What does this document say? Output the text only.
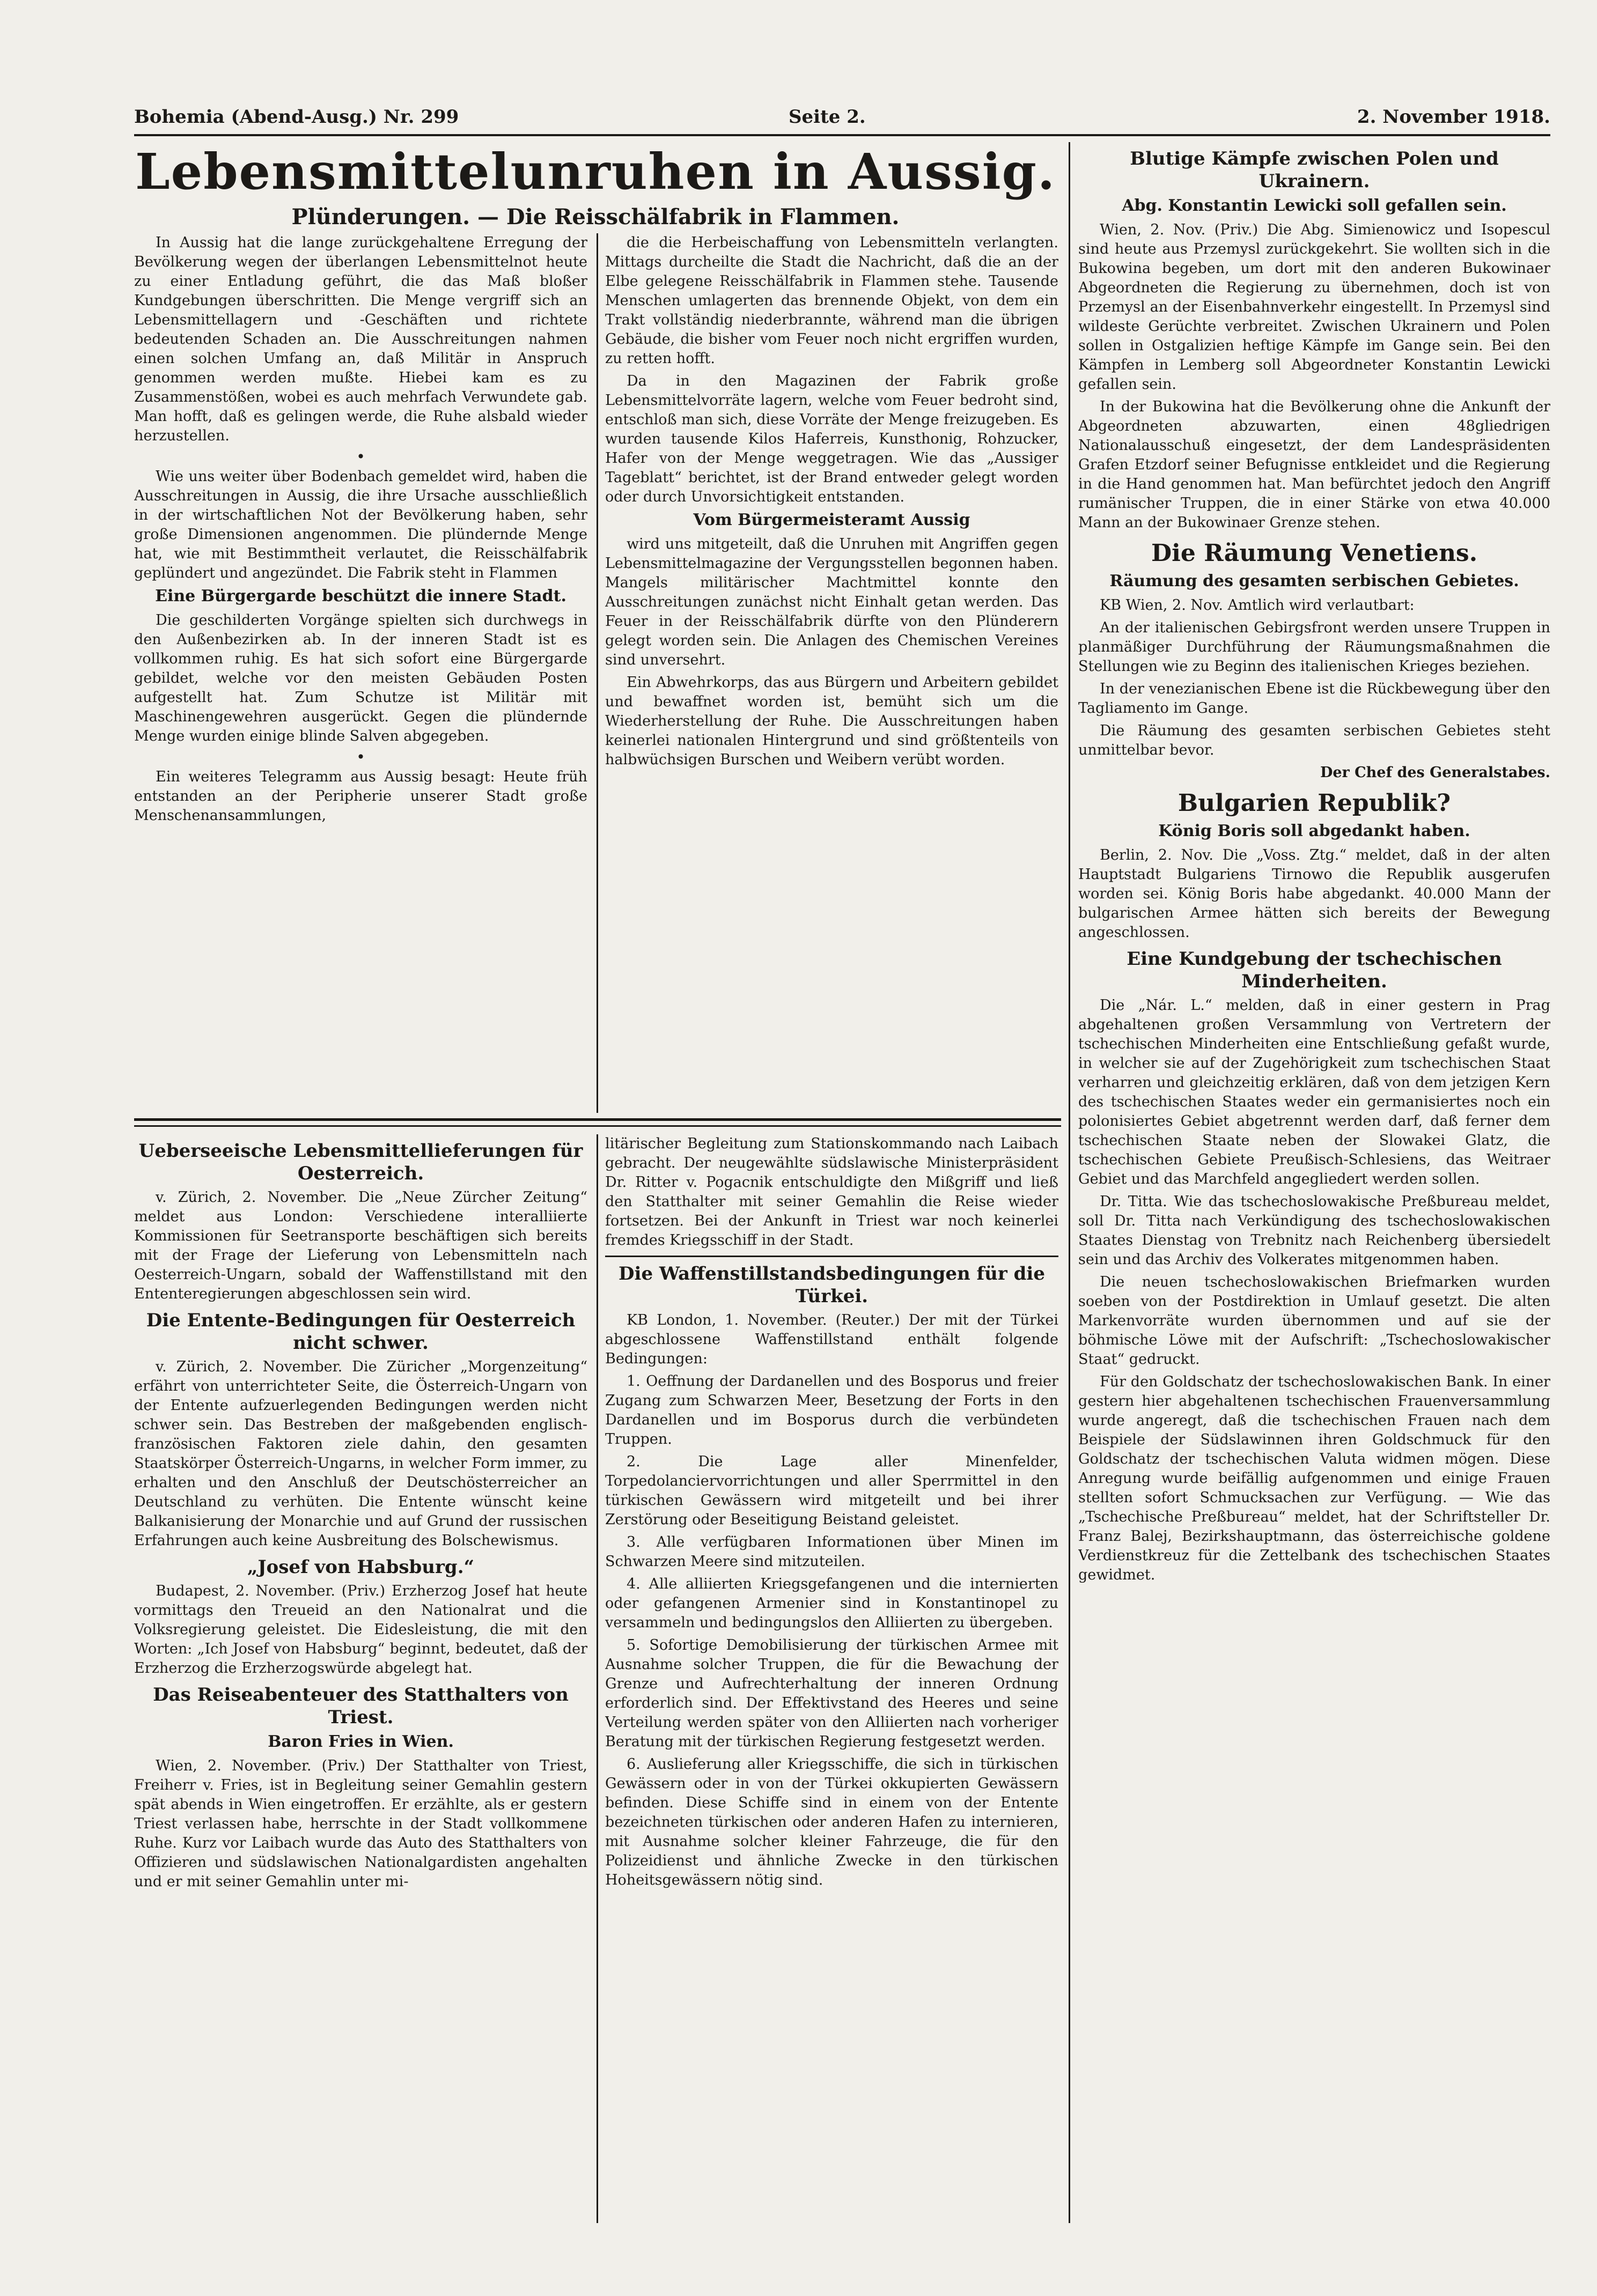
Bohemia (Abend-Ausg.) Nr. 299	Seite 2.	2. November 1918.
Lebensmittelunruhen in Aussig.
Plünderungen. — Die Reisschälfabrik in Flammen.

In Aussig hat die lange zurückgehaltene Erregung der Bevölkerung wegen der überlangen Lebensmittelnot heute zu einer Entladung geführt, die das Maß bloßer Kundgebungen überschritten. Die Menge vergriff sich an Lebensmittellagern und -Geschäften und richtete bedeutenden Schaden an. Die Ausschreitungen nahmen einen solchen Umfang an, daß Militär in Anspruch genommen werden mußte. Hiebei kam es zu Zusammenstößen, wobei es auch mehrfach Verwundete gab. Man hofft, daß es gelingen werde, die Ruhe alsbald wieder herzustellen.

•

Wie uns weiter über Bodenbach gemeldet wird, haben die Ausschreitungen in Aussig, die ihre Ursache ausschließlich in der wirtschaftlichen Not der Bevölkerung haben, sehr große Dimensionen angenommen. Die plündernde Menge hat, wie mit Bestimmtheit verlautet, die Reisschälfabrik geplündert und angezündet. Die Fabrik steht in Flammen

Eine Bürgergarde beschützt die innere Stadt.

Die geschilderten Vorgänge spielten sich durchwegs in den Außenbezirken ab. In der inneren Stadt ist es vollkommen ruhig. Es hat sich sofort eine Bürgergarde gebildet, welche vor den meisten Gebäuden Posten aufgestellt hat. Zum Schutze ist Militär mit Maschinengewehren ausgerückt. Gegen die plündernde Menge wurden einige blinde Salven abgegeben.

•

Ein weiteres Telegramm aus Aussig besagt: Heute früh entstanden an der Peripherie unserer Stadt große Menschenansammlungen,

die die Herbeischaffung von Lebensmitteln verlangten. Mittags durcheilte die Stadt die Nachricht, daß die an der Elbe gelegene Reisschälfabrik in Flammen stehe. Tausende Menschen umlagerten das brennende Objekt, von dem ein Trakt vollständig niederbrannte, während man die übrigen Gebäude, die bisher vom Feuer noch nicht ergriffen wurden, zu retten hofft.

Da in den Magazinen der Fabrik große Lebensmittelvorräte lagern, welche vom Feuer bedroht sind, entschloß man sich, diese Vorräte der Menge freizugeben. Es wurden tausende Kilos Haferreis, Kunsthonig, Rohzucker, Hafer von der Menge weggetragen. Wie das „Aussiger Tageblatt“ berichtet, ist der Brand entweder gelegt worden oder durch Unvorsichtigkeit entstanden.

Vom Bürgermeisteramt Aussig

wird uns mitgeteilt, daß die Unruhen mit Angriffen gegen Lebensmittelmagazine der Vergungsstellen begonnen haben. Mangels militärischer Machtmittel konnte den Ausschreitungen zunächst nicht Einhalt getan werden. Das Feuer in der Reisschälfabrik dürfte von den Plünderern gelegt worden sein. Die Anlagen des Chemischen Vereines sind unversehrt.

Ein Abwehrkorps, das aus Bürgern und Arbeitern gebildet und bewaffnet worden ist, bemüht sich um die Wiederherstellung der Ruhe. Die Ausschreitungen haben keinerlei nationalen Hintergrund und sind größtenteils von halbwüchsigen Burschen und Weibern verübt worden.

Blutige Kämpfe zwischen Polen und Ukrainern.
Abg. Konstantin Lewicki soll gefallen sein.

Wien, 2. Nov. (Priv.) Die Abg. Simienowicz und Isopescul sind heute aus Przemysl zurückgekehrt. Sie wollten sich in die Bukowina begeben, um dort mit den anderen Bukowinaer Abgeordneten die Regierung zu übernehmen, doch ist von Przemysl an der Eisenbahnverkehr eingestellt. In Przemysl sind wildeste Gerüchte verbreitet. Zwischen Ukrainern und Polen sollen in Ostgalizien heftige Kämpfe im Gange sein. Bei den Kämpfen in Lemberg soll Abgeordneter Konstantin Lewicki gefallen sein.

In der Bukowina hat die Bevölkerung ohne die Ankunft der Abgeordneten abzuwarten, einen 48gliedrigen Nationalausschuß eingesetzt, der dem Landespräsidenten Grafen Etzdorf seiner Befugnisse entkleidet und die Regierung in die Hand genommen hat. Man befürchtet jedoch den Angriff rumänischer Truppen, die in einer Stärke von etwa 40.000 Mann an der Bukowinaer Grenze stehen.

Die Räumung Venetiens.
Räumung des gesamten serbischen Gebietes.

KB Wien, 2. Nov. Amtlich wird verlautbart:

An der italienischen Gebirgsfront werden unsere Truppen in planmäßiger Durchführung der Räumungsmaßnahmen die Stellungen wie zu Beginn des italienischen Krieges beziehen.

In der venezianischen Ebene ist die Rückbewegung über den Tagliamento im Gange.

Die Räumung des gesamten serbischen Gebietes steht unmittelbar bevor.

Der Chef des Generalstabes.
Bulgarien Republik?
König Boris soll abgedankt haben.

Berlin, 2. Nov. Die „Voss. Ztg.“ meldet, daß in der alten Hauptstadt Bulgariens Tirnowo die Republik ausgerufen worden sei. König Boris habe abgedankt. 40.000 Mann der bulgarischen Armee hätten sich bereits der Bewegung angeschlossen.

Eine Kundgebung der tschechischen Minderheiten.

Die „Nár. L.“ melden, daß in einer gestern in Prag abgehaltenen großen Versammlung von Vertretern der tschechischen Minderheiten eine Entschließung gefaßt wurde, in welcher sie auf der Zugehörigkeit zum tschechischen Staat verharren und gleichzeitig erklären, daß von dem jetzigen Kern des tschechischen Staates weder ein germanisiertes noch ein polonisiertes Gebiet abgetrennt werden darf, daß ferner dem tschechischen Staate neben der Slowakei Glatz, die tschechischen Gebiete Preußisch-Schlesiens, das Weitraer Gebiet und das Marchfeld angegliedert werden sollen.

Dr. Titta. Wie das tschechoslowakische Preßbureau meldet, soll Dr. Titta nach Verkündigung des tschechoslowakischen Staates Dienstag von Trebnitz nach Reichenberg übersiedelt sein und das Archiv des Volkerates mitgenommen haben.

Die neuen tschechoslowakischen Briefmarken wurden soeben von der Postdirektion in Umlauf gesetzt. Die alten Markenvorräte wurden übernommen und auf sie der böhmische Löwe mit der Aufschrift: „Tschechoslowakischer Staat“ gedruckt.

Für den Goldschatz der tschechoslowakischen Bank. In einer gestern hier abgehaltenen tschechischen Frauenversammlung wurde angeregt, daß die tschechischen Frauen nach dem Beispiele der Südslawinnen ihren Goldschmuck für den Goldschatz der tschechischen Valuta widmen mögen. Diese Anregung wurde beifällig aufgenommen und einige Frauen stellten sofort Schmucksachen zur Verfügung. — Wie das „Tschechische Preßbureau“ meldet, hat der Schriftsteller Dr. Franz Balej, Bezirkshauptmann, das österreichische goldene Verdienstkreuz für die Zettelbank des tschechischen Staates gewidmet.

Ueberseeische Lebensmittellieferungen für Oesterreich.

v. Zürich, 2. November. Die „Neue Zürcher Zeitung“ meldet aus London: Verschiedene interalliierte Kommissionen für Seetransporte beschäftigen sich bereits mit der Frage der Lieferung von Lebensmitteln nach Oesterreich-Ungarn, sobald der Waffenstillstand mit den Ententeregierungen abgeschlossen sein wird.

Die Entente-Bedingungen für Oesterreich nicht schwer.

v. Zürich, 2. November. Die Züricher „Morgenzeitung“ erfährt von unterrichteter Seite, die Österreich-Ungarn von der Entente aufzuerlegenden Bedingungen werden nicht schwer sein. Das Bestreben der maßgebenden englisch-französischen Faktoren ziele dahin, den gesamten Staatskörper Österreich-Ungarns, in welcher Form immer, zu erhalten und den Anschluß der Deutschösterreicher an Deutschland zu verhüten. Die Entente wünscht keine Balkanisierung der Monarchie und auf Grund der russischen Erfahrungen auch keine Ausbreitung des Bolschewismus.

„Josef von Habsburg.“

Budapest, 2. November. (Priv.) Erzherzog Josef hat heute vormittags den Treueid an den Nationalrat und die Volksregierung geleistet. Die Eidesleistung, die mit den Worten: „Ich Josef von Habsburg“ beginnt, bedeutet, daß der Erzherzog die Erzherzogswürde abgelegt hat.

Das Reiseabenteuer des Statthalters von Triest.
Baron Fries in Wien.

Wien, 2. November. (Priv.) Der Statthalter von Triest, Freiherr v. Fries, ist in Begleitung seiner Gemahlin gestern spät abends in Wien eingetroffen. Er erzählte, als er gestern Triest verlassen habe, herrschte in der Stadt vollkommene Ruhe. Kurz vor Laibach wurde das Auto des Statthalters von Offizieren und südslawischen Nationalgardisten angehalten und er mit seiner Gemahlin unter mi-

litärischer Begleitung zum Stationskommando nach Laibach gebracht. Der neugewählte südslawische Ministerpräsident Dr. Ritter v. Pogacnik entschuldigte den Mißgriff und ließ den Statthalter mit seiner Gemahlin die Reise wieder fortsetzen. Bei der Ankunft in Triest war noch keinerlei fremdes Kriegsschiff in der Stadt.

Die Waffenstillstandsbedingungen für die Türkei.

KB London, 1. November. (Reuter.) Der mit der Türkei abgeschlossene Waffenstillstand enthält folgende Bedingungen:

1. Oeffnung der Dardanellen und des Bosporus und freier Zugang zum Schwarzen Meer, Besetzung der Forts in den Dardanellen und im Bosporus durch die verbündeten Truppen.

2. Die Lage aller Minenfelder, Torpedolanciervorrichtungen und aller Sperrmittel in den türkischen Gewässern wird mitgeteilt und bei ihrer Zerstörung oder Beseitigung Beistand geleistet.

3. Alle verfügbaren Informationen über Minen im Schwarzen Meere sind mitzuteilen.

4. Alle alliierten Kriegsgefangenen und die internierten oder gefangenen Armenier sind in Konstantinopel zu versammeln und bedingungslos den Alliierten zu übergeben.

5. Sofortige Demobilisierung der türkischen Armee mit Ausnahme solcher Truppen, die für die Bewachung der Grenze und Aufrechterhaltung der inneren Ordnung erforderlich sind. Der Effektivstand des Heeres und seine Verteilung werden später von den Alliierten nach vorheriger Beratung mit der türkischen Regierung festgesetzt werden.

6. Auslieferung aller Kriegsschiffe, die sich in türkischen Gewässern oder in von der Türkei okkupierten Gewässern befinden. Diese Schiffe sind in einem von der Entente bezeichneten türkischen oder anderen Hafen zu internieren, mit Ausnahme solcher kleiner Fahrzeuge, die für den Polizeidienst und ähnliche Zwecke in den türkischen Hoheitsgewässern nötig sind.
